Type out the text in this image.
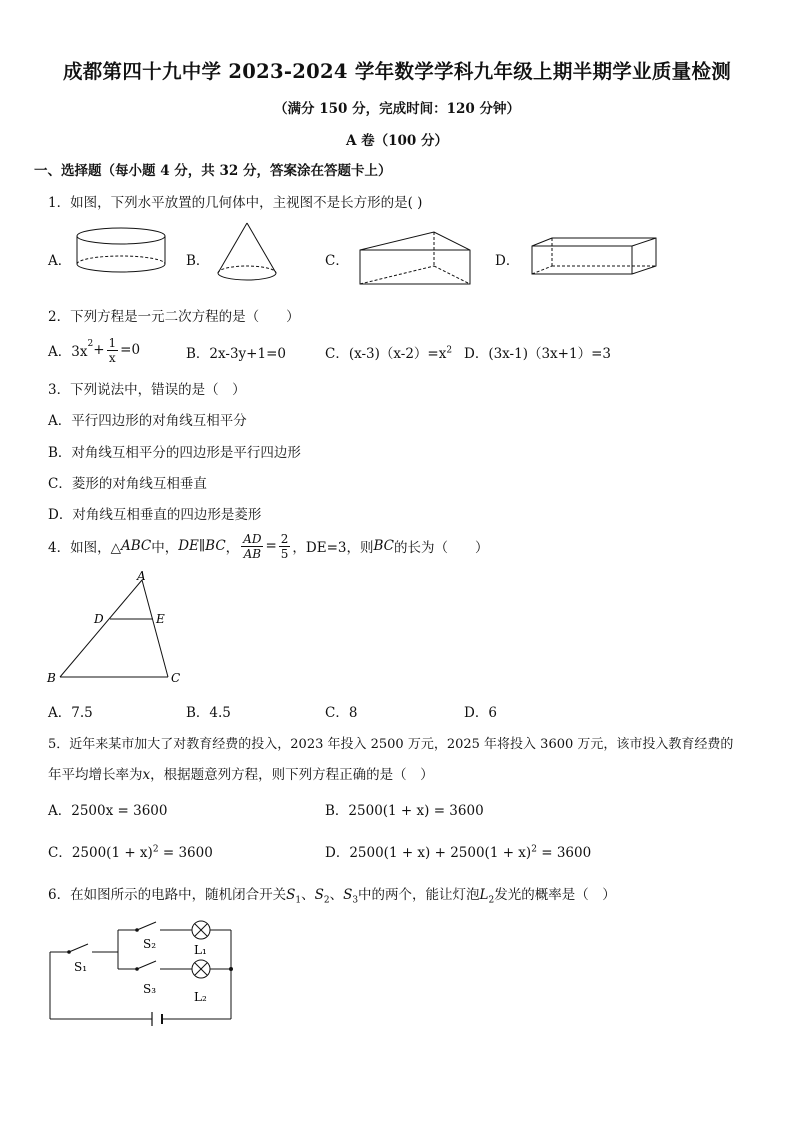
成都第四十九中学 2023-2024 学年数学学科九年级上期半期学业质量检测
（满分 150 分，完成时间：120 分钟）
A 卷（100 分）
一、选择题（每小题 4 分，共 32 分，答案涂在答题卡上）
1．如图，下列水平放置的几何体中，主视图不是长方形的是( )
A．	B．	C．	D．
2．下列方程是一元二次方程的是（　　）
A．$3x^2 + \frac{1}{x} =0$	B．2x-3y+1=0	C．$(x-3)(x-2)=x^2$ D．(3x-1)（3x+1）=3
3．下列说法中，错误的是（　）
A．平行四边形的对角线互相平分
B．对角线互相平分的四边形是平行四边形
C．菱形的对角线互相垂直
D．对角线互相垂直的四边形是菱形
4．如图，△ ABC 中， DE∥BC ， $\frac{AD}{AB} = \frac{2}{5}$ ，DE=3，则 BC 的长为（　　）
A
D	E
B	C
A．7.5	B．4.5	C．8	D．6
5．近年来某市加大了对教育经费的投入，2023 年投入 2500 万元，2025 年将投入 3600 万元，该市投入教育经费的
年平均增长率为x，根据题意列方程，则下列方程正确的是（　）
A．2500x = 3600	B．2500(1 + x) = 3600
C．$2500(1 + x)^2 = 3600$	D．$2500(1 + x) + 2500(1 + x)^2 = 3600$
6．在如图所示的电路中，随机闭合开关$S_1$、$S_2$、$S_3$中的两个，能让灯泡$L_2$发光的概率是（　）
S₁
S₂	L₁
S₃
L₂
